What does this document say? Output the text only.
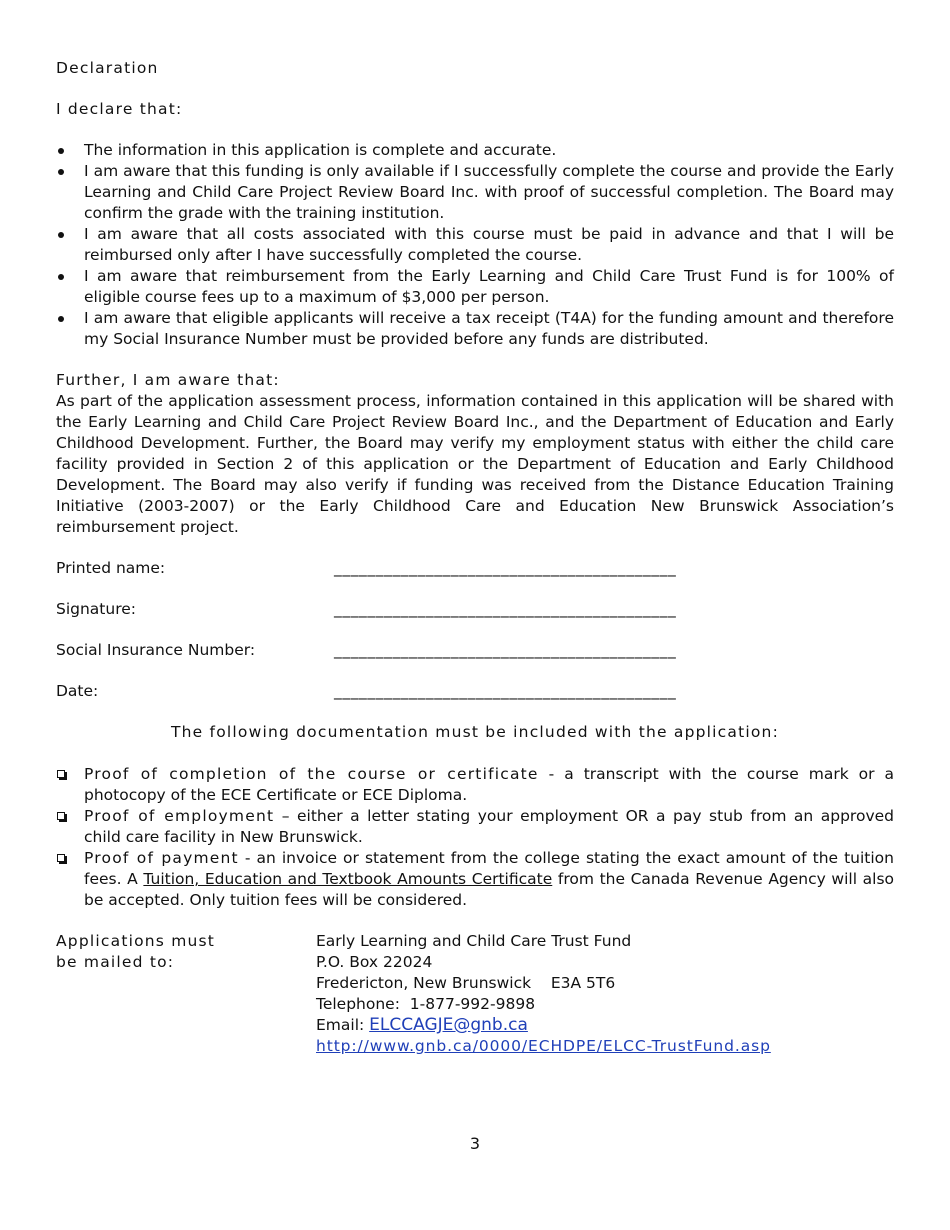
Declaration

I declare that:

The information in this application is complete and accurate.
I am aware that this funding is only available if I successfully complete the course and provide the Early Learning and Child Care Project Review Board Inc. with proof of successful completion. The Board may confirm the grade with the training institution.
I am aware that all costs associated with this course must be paid in advance and that I will be reimbursed only after I have successfully completed the course.
I am aware that reimbursement from the Early Learning and Child Care Trust Fund is for 100% of eligible course fees up to a maximum of $3,000 per person.
I am aware that eligible applicants will receive a tax receipt (T4A) for the funding amount and therefore my Social Insurance Number must be provided before any funds are distributed.

Further, I am aware that:

As part of the application assessment process, information contained in this application will be shared with the Early Learning and Child Care Project Review Board Inc., and the Department of Education and Early Childhood Development. Further, the Board may verify my employment status with either the child care facility provided in Section 2 of this application or the Department of Education and Early Childhood Development. The Board may also verify if funding was received from the Distance Education Training Initiative (2003-2007) or the Early Childhood Care and Education New Brunswick Association’s reimbursement project.

Printed name:	_________________________________________
Signature:	_________________________________________
Social Insurance Number:	_________________________________________
Date:	_________________________________________

The following documentation must be included with the application:

Proof of completion of the course or certificate - a transcript with the course mark or a photocopy of the ECE Certificate or ECE Diploma.
Proof of employment – either a letter stating your employment OR a pay stub from an approved child care facility in New Brunswick.
Proof of payment - an invoice or statement from the college stating the exact amount of the tuition fees. A Tuition, Education and Textbook Amounts Certificate from the Canada Revenue Agency will also be accepted. Only tuition fees will be considered.
Applications must
be mailed to:
Early Learning and Child Care Trust Fund
P.O. Box 22024
Fredericton, New Brunswick    E3A 5T6
Telephone:  1-877-992-9898
Email: ELCCAGJE@gnb.ca
http://www.gnb.ca/0000/ECHDPE/ELCC-TrustFund.asp
3
